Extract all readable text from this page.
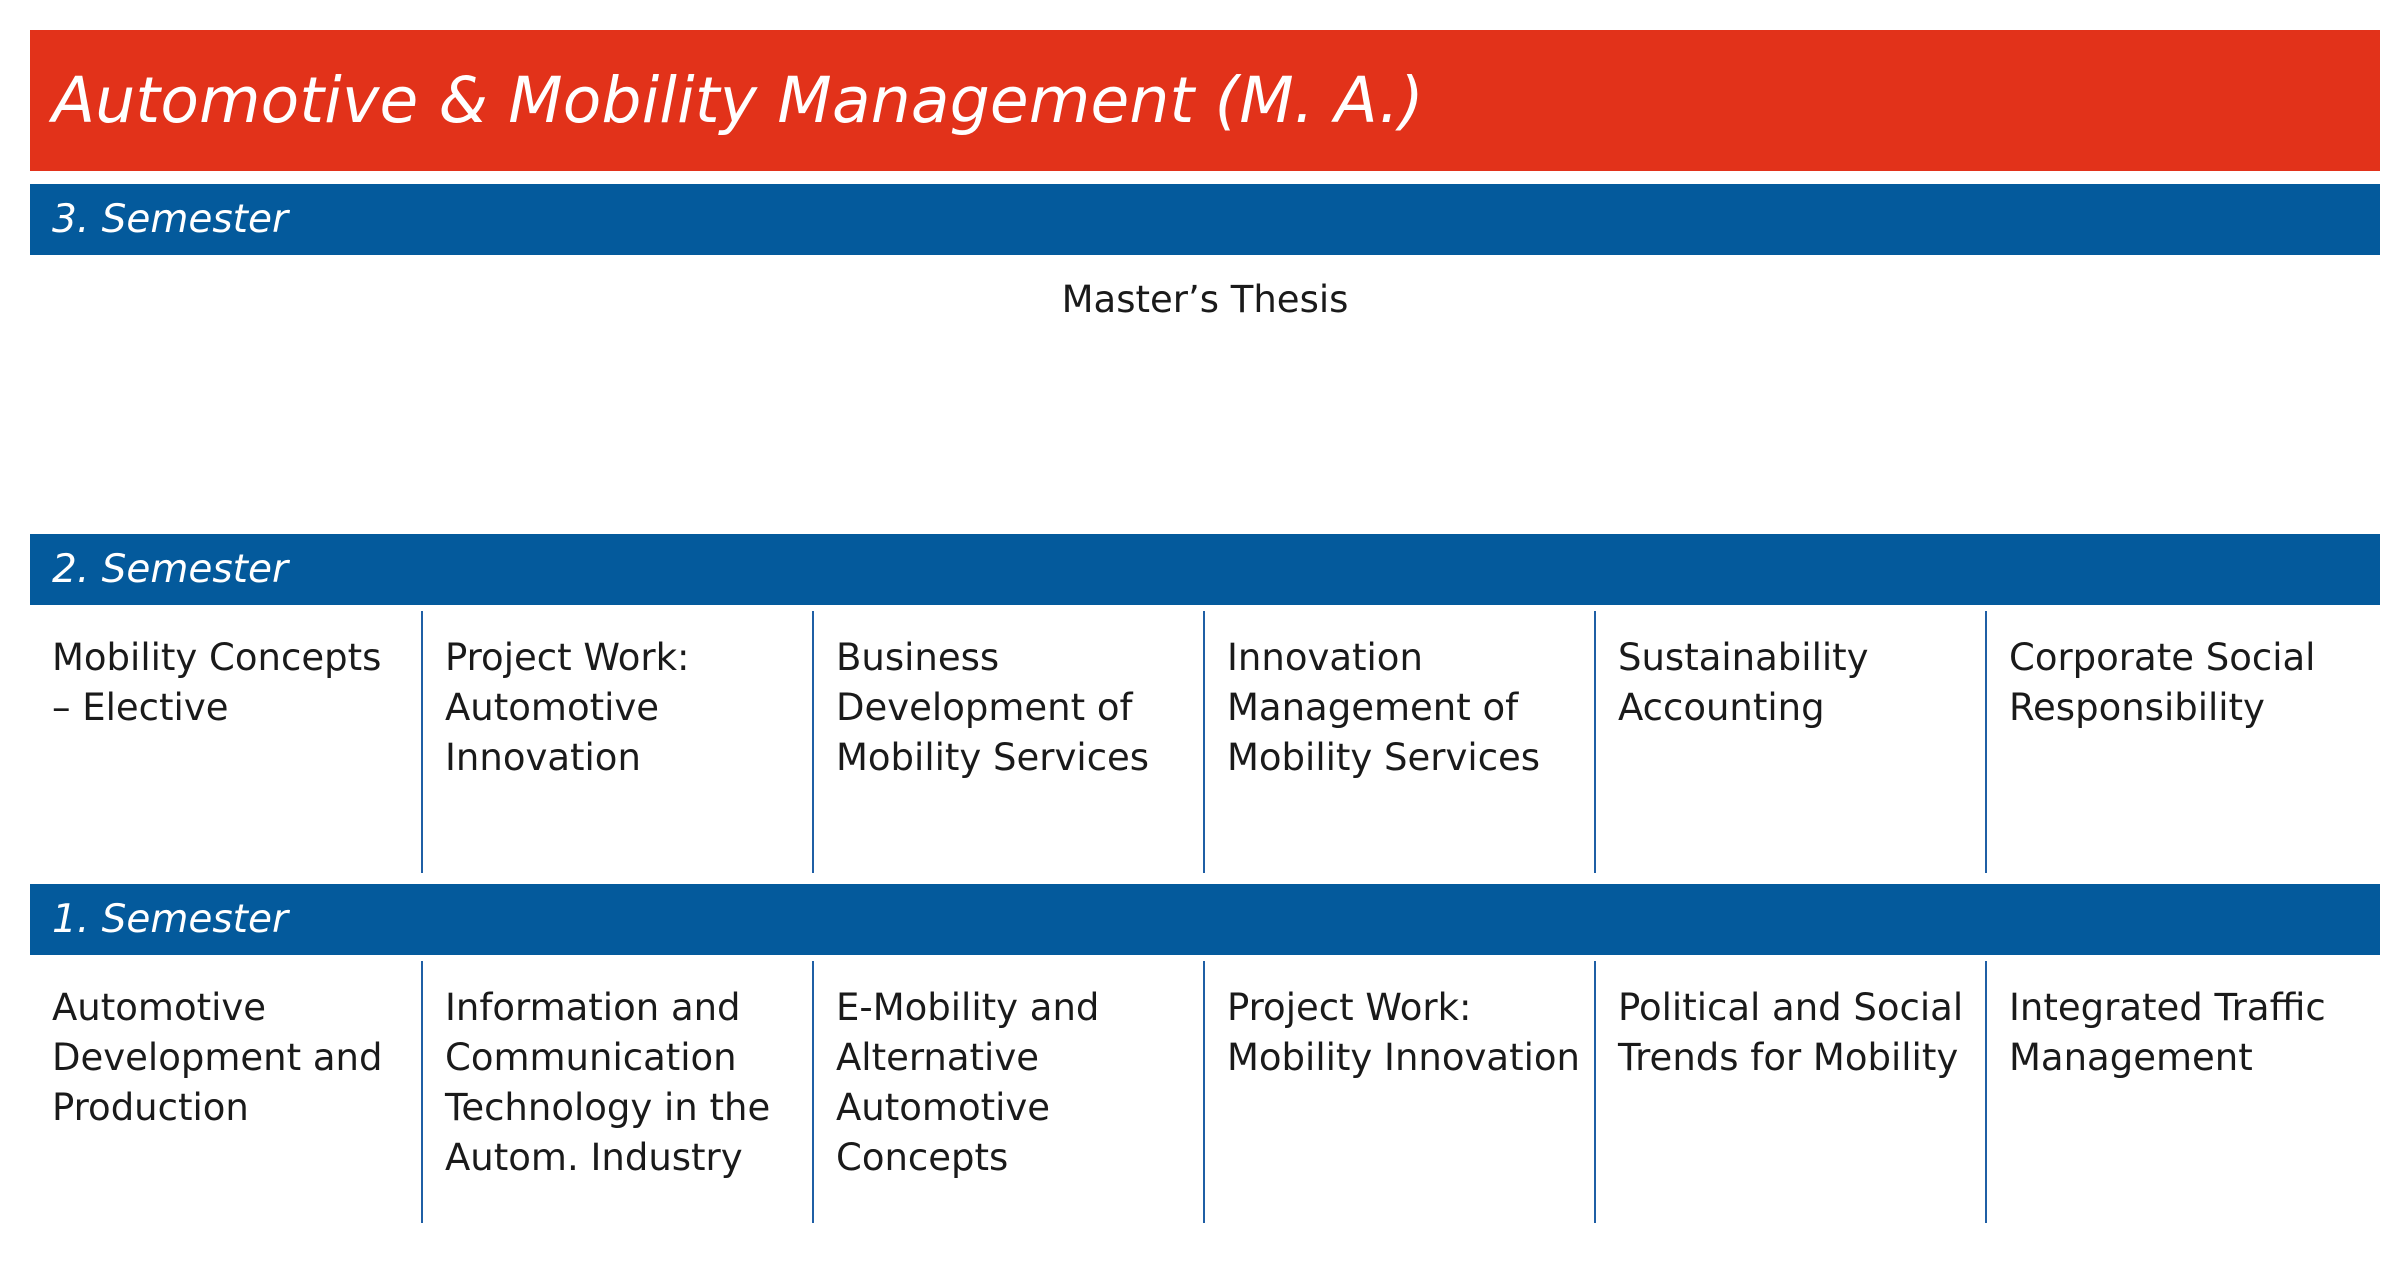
Automotive & Mobility Management (M. A.)
3. Semester
Master’s Thesis
2. Semester
Mobility Concepts – Elective
Project Work: Automotive Innovation
Business Development of Mobility Services
Innovation Management of Mobility Services
Sustainability Accounting
Corporate Social Responsibility
1. Semester
Automotive Development and Production
Information and Communication Technology in the Autom. Industry
E-Mobility and Alternative Automotive Concepts
Project Work: Mobility Innovation
Political and Social Trends for Mobility
Integrated Traffic Management
